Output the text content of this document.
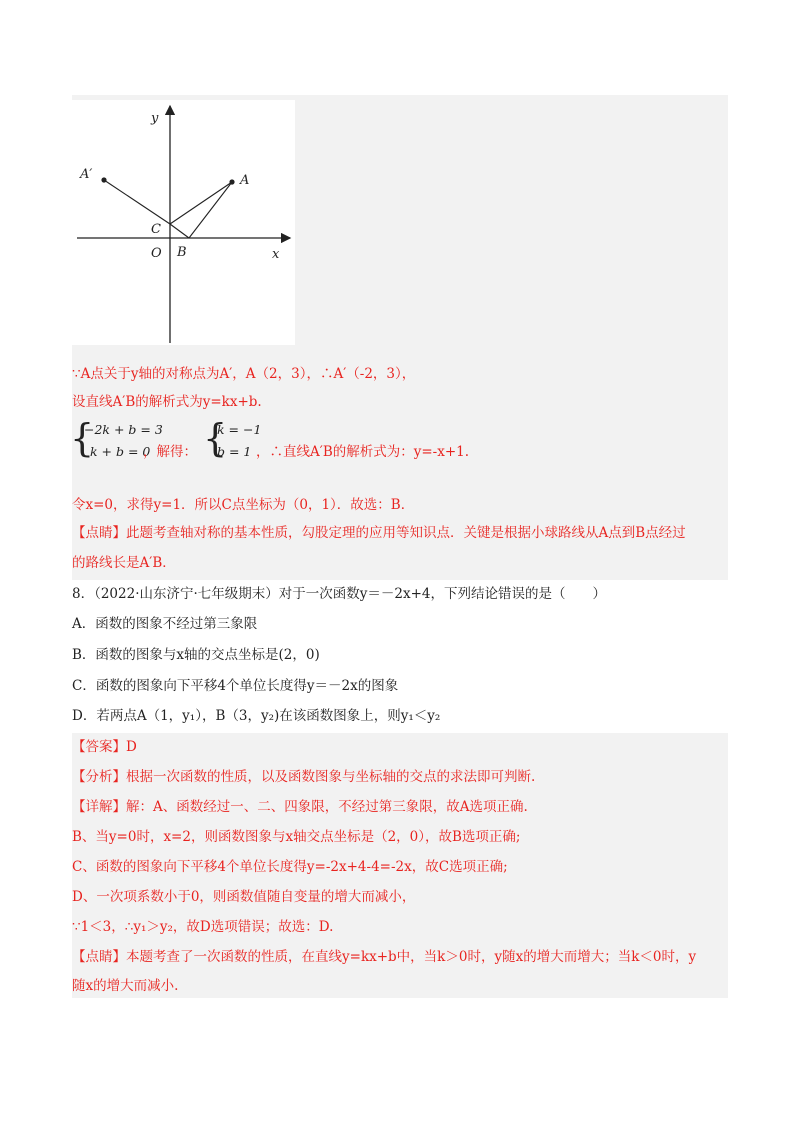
y
x
O
A
A′
B
C
∵A点关于y轴的对称点为A′，A（2，3），∴A′（-2，3），
设直线A′B的解析式为y=kx+b.
{
−2k + b = 3
k + b = 0
，解得： {
k = −1
b = 1 ，∴直线A′B的解析式为：y=-x+1.
令x=0，求得y=1．所以C点坐标为（0，1）．故选：B．
【点睛】此题考查轴对称的基本性质，勾股定理的应用等知识点．关键是根据小球路线从A点到B点经过
的路线长是A′B．
8．（2022·山东济宁·七年级期末）对于一次函数y＝－2x+4，下列结论错误的是（　　）
A．函数的图象不经过第三象限
B．函数的图象与x轴的交点坐标是(2，0)
C．函数的图象向下平移4个单位长度得y＝－2x的图象
D．若两点A（1，y₁），B（3，y₂)在该函数图象上，则y₁＜y₂
【答案】D
【分析】根据一次函数的性质，以及函数图象与坐标轴的交点的求法即可判断.
【详解】解：A、函数经过一、二、四象限，不经过第三象限，故A选项正确.
B、当y=0时，x=2，则函数图象与x轴交点坐标是（2，0），故B选项正确;
C、函数的图象向下平移4个单位长度得y=-2x+4-4=-2x，故C选项正确;
D、一次项系数小于0，则函数值随自变量的增大而减小，
∵1＜3，∴y₁＞y₂，故D选项错误；故选：D.
【点睛】本题考查了一次函数的性质，在直线y=kx+b中，当k＞0时，y随x的增大而增大；当k＜0时，y
随x的增大而减小.
